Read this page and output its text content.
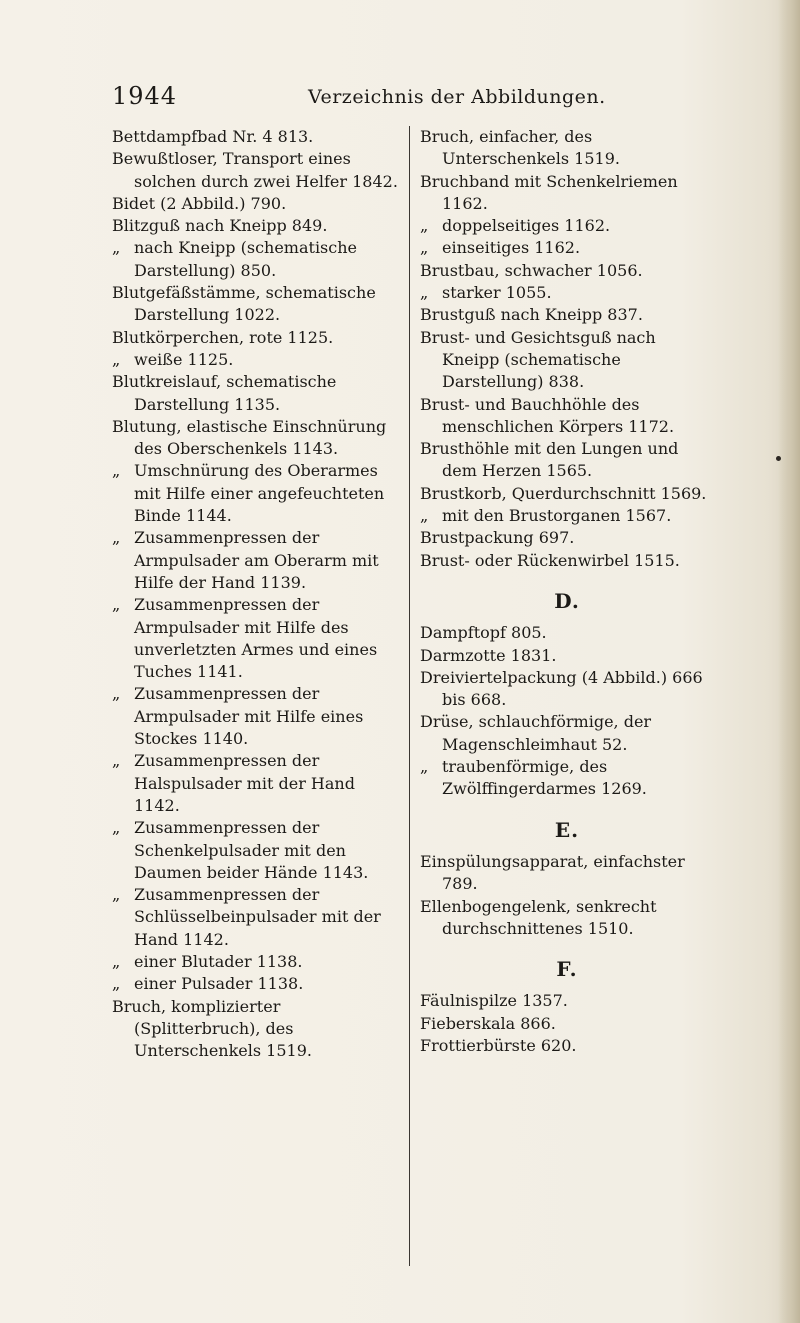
1944	Verzeichnis der Abbildungen.

Bettdampfbad Nr. 4 813.

Bewußtloser, Transport eines solchen durch zwei Helfer 1842.

Bidet (2 Abbild.) 790.

Blitzguß nach Kneipp 849.

„ nach Kneipp (schematische Darstellung) 850.

Blutgefäßstämme, schematische Darstellung 1022.

Blutkörperchen, rote 1125.

„ weiße 1125.

Blutkreislauf, schematische Darstellung 1135.

Blutung, elastische Einschnürung des Oberschenkels 1143.

„ Umschnürung des Oberarmes mit Hilfe einer angefeuchteten Binde 1144.

„ Zusammenpressen der Armpulsader am Oberarm mit Hilfe der Hand 1139.

„ Zusammenpressen der Armpulsader mit Hilfe des unverletzten Armes und eines Tuches 1141.

„ Zusammenpressen der Armpulsader mit Hilfe eines Stockes 1140.

„ Zusammenpressen der Halspulsader mit der Hand 1142.

„ Zusammenpressen der Schenkelpulsader mit den Daumen beider Hände 1143.

„ Zusammenpressen der Schlüsselbeinpulsader mit der Hand 1142.

„ einer Blutader 1138.

„ einer Pulsader 1138.

Bruch, komplizierter (Splitterbruch), des Unterschenkels 1519.

Bruch, einfacher, des Unterschenkels 1519.

Bruchband mit Schenkelriemen 1162.

„ doppelseitiges 1162.

„ einseitiges 1162.

Brustbau, schwacher 1056.

„ starker 1055.

Brustguß nach Kneipp 837.

Brust- und Gesichtsguß nach Kneipp (schematische Darstellung) 838.

Brust- und Bauchhöhle des menschlichen Körpers 1172.

Brusthöhle mit den Lungen und dem Herzen 1565.

Brustkorb, Querdurchschnitt 1569.

„ mit den Brustorganen 1567.

Brustpackung 697.

Brust- oder Rückenwirbel 1515.

D.

Dampftopf 805.

Darmzotte 1831.

Dreiviertelpackung (4 Abbild.) 666 bis 668.

Drüse, schlauchförmige, der Magenschleimhaut 52.

„ traubenförmige, des Zwölffingerdarmes 1269.

E.

Einspülungsapparat, einfachster 789.

Ellenbogengelenk, senkrecht durchschnittenes 1510.

F.

Fäulnispilze 1357.

Fieberskala 866.

Frottierbürste 620.
